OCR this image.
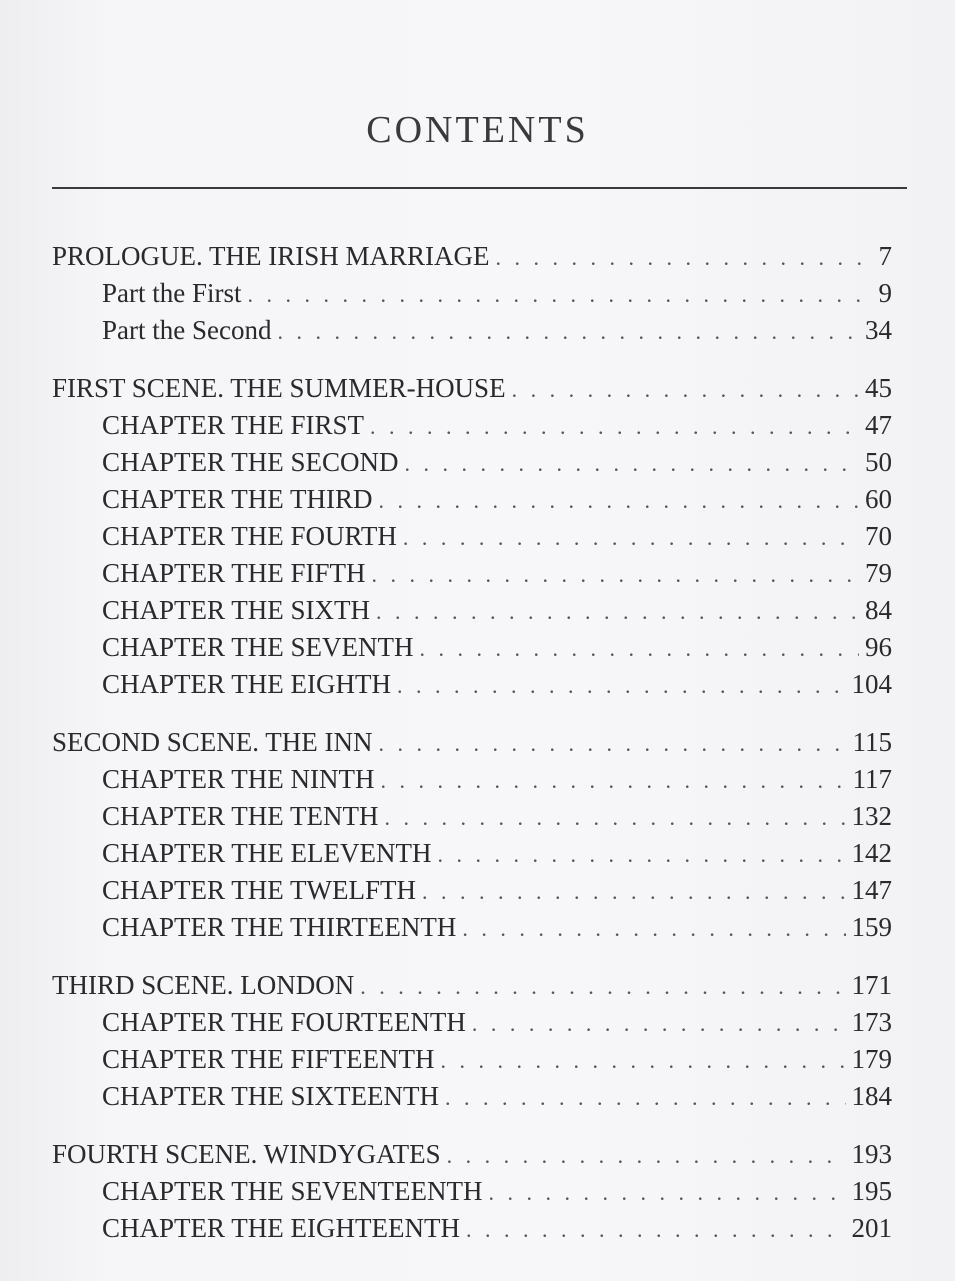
CONTENTS
PROLOGUE. THE IRISH MARRIAGE . . .	7
Part the First . . .	9
Part the Second . . .	34
FIRST SCENE. THE SUMMER-HOUSE . . .	45
CHAPTER THE FIRST . . .	47
CHAPTER THE SECOND . . .	50
CHAPTER THE THIRD . . .	60
CHAPTER THE FOURTH . . .	70
CHAPTER THE FIFTH . . .	79
CHAPTER THE SIXTH . . .	84
CHAPTER THE SEVENTH . . .	96
CHAPTER THE EIGHTH . . .	104
SECOND SCENE. THE INN . . .	115
CHAPTER THE NINTH . . .	117
CHAPTER THE TENTH . . .	132
CHAPTER THE ELEVENTH . . .	142
CHAPTER THE TWELFTH . . .	147
CHAPTER THE THIRTEENTH . . .	159
THIRD SCENE. LONDON . . .	171
CHAPTER THE FOURTEENTH . . .	173
CHAPTER THE FIFTEENTH . . .	179
CHAPTER THE SIXTEENTH . . .	184
FOURTH SCENE. WINDYGATES . . .	193
CHAPTER THE SEVENTEENTH . . .	195
CHAPTER THE EIGHTEENTH . . .	201
